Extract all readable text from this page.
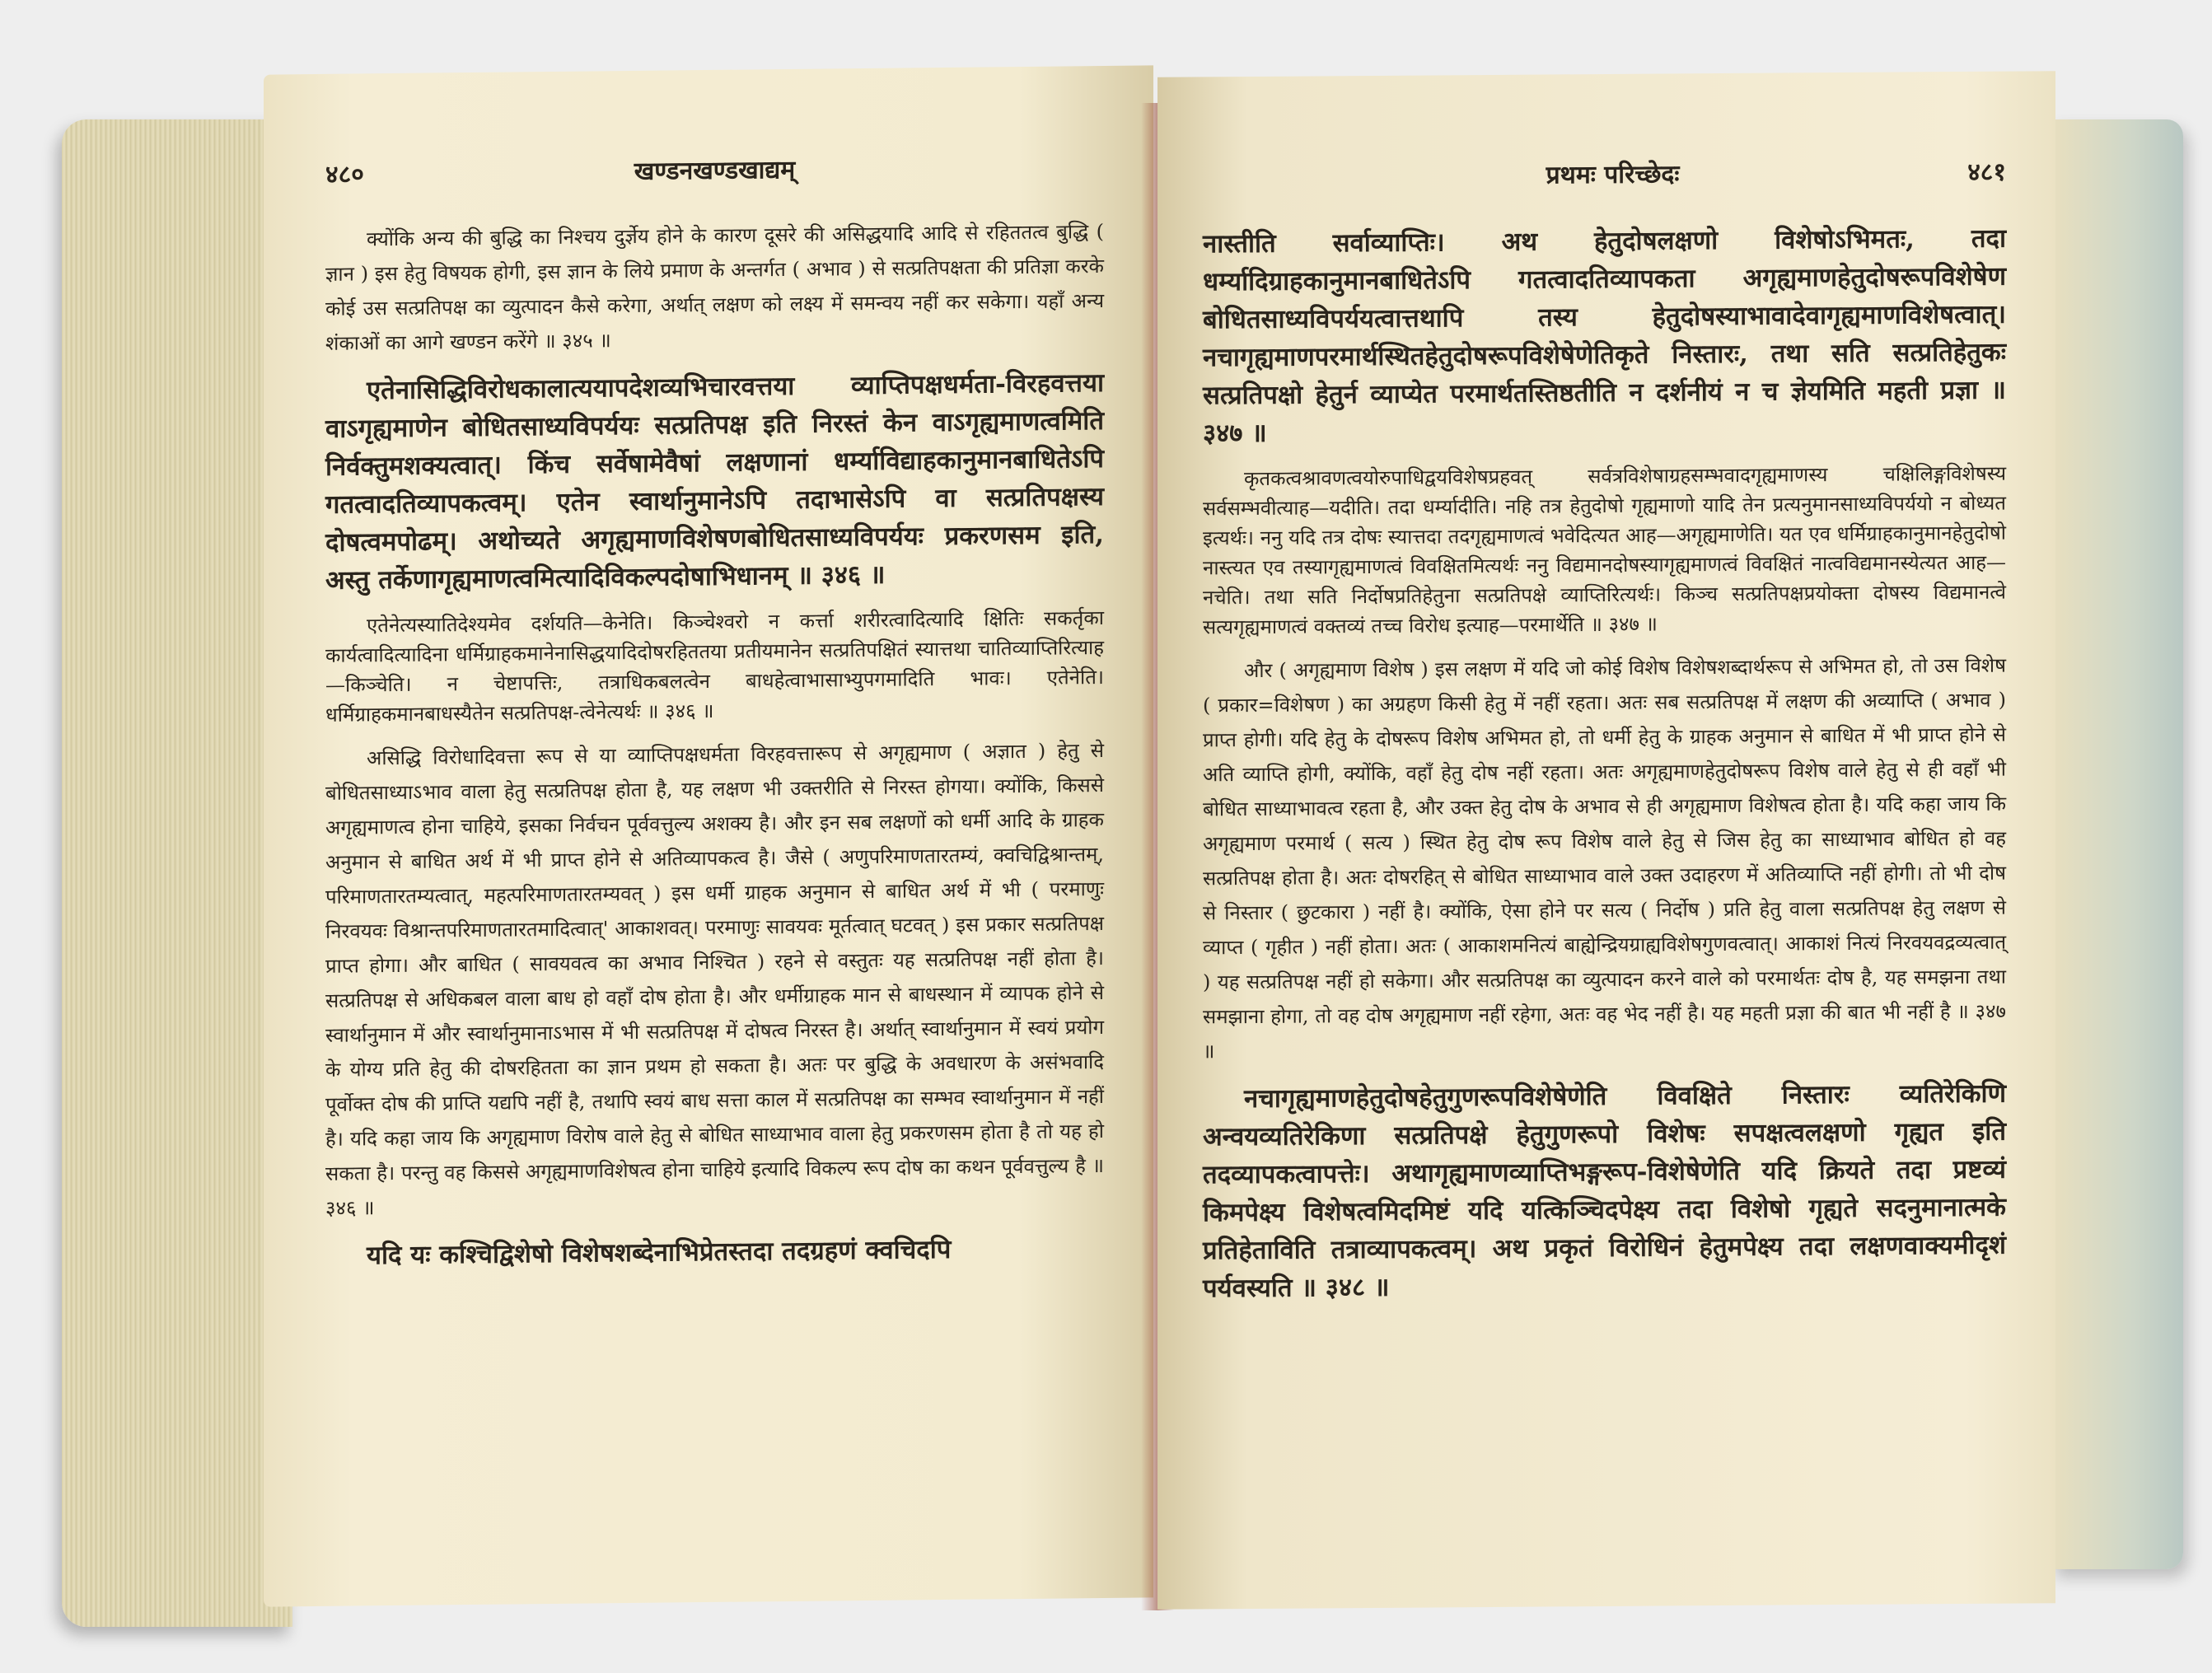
४८०	खण्डनखण्डखाद्यम्

क्योंकि अन्य की बुद्धि का निश्चय दुर्ज्ञेय होने के कारण दूसरे की असिद्धयादि आदि से रहिततत्व बुद्धि ( ज्ञान ) इस हेतु विषयक होगी, इस ज्ञान के लिये प्रमाण के अन्तर्गत ( अभाव ) से सत्प्रतिपक्षता की प्रतिज्ञा करके कोई उस सत्प्रतिपक्ष का व्युत्पादन कैसे करेगा, अर्थात् लक्षण को लक्ष्य में समन्वय नहीं कर सकेगा। यहाँ अन्य शंकाओं का आगे खण्डन करेंगे ॥ ३४५ ॥

एतेनासिद्धिविरोधकालात्ययापदेशव्यभिचारवत्तया व्याप्तिपक्षधर्मता-विरहवत्तया वाऽगृह्यमाणेन बोधितसाध्यविपर्ययः सत्प्रतिपक्ष इति निरस्तं केन वाऽगृह्यमाणत्वमिति निर्वक्तुमशक्यत्वात्। किंच सर्वेषामेवैषां लक्षणानां धर्म्याविद्याहकानुमानबाधितेऽपि गतत्वादतिव्यापकत्वम्। एतेन स्वार्थानुमानेऽपि तदाभासेऽपि वा सत्प्रतिपक्षस्य दोषत्वमपोढम्। अथोच्यते अगृह्यमाणविशेषणबोधितसाध्यविपर्ययः प्रकरणसम इति, अस्तु तर्केणागृह्यमाणत्वमित्यादिविकल्पदोषाभिधानम् ॥ ३४६ ॥

एतेनेत्यस्यातिदेश्यमेव दर्शयति—केनेति। किञ्चेश्वरो न कर्त्ता शरीरत्वादित्यादि क्षितिः सकर्तृका कार्यत्वादित्यादिना धर्मिग्राहकमानेनासिद्धयादिदोषरहिततया प्रतीयमानेन सत्प्रतिपक्षितं स्यात्तथा चातिव्याप्तिरित्याह—किञ्चेति। न चेष्टापत्तिः, तत्राधिकबलत्वेन बाधहेत्वाभासाभ्युपगमादिति भावः। एतेनेति। धर्मिग्राहकमानबाधस्यैतेन सत्प्रतिपक्ष-त्वेनेत्यर्थः ॥ ३४६ ॥

असिद्धि विरोधादिवत्ता रूप से या व्याप्तिपक्षधर्मता विरहवत्तारूप से अगृह्यमाण ( अज्ञात ) हेतु से बोधितसाध्याऽभाव वाला हेतु सत्प्रतिपक्ष होता है, यह लक्षण भी उक्तरीति से निरस्त होगया। क्योंकि, किससे अगृह्यमाणत्व होना चाहिये, इसका निर्वचन पूर्ववत्तुल्य अशक्य है। और इन सब लक्षणों को धर्मी आदि के ग्राहक अनुमान से बाधित अर्थ में भी प्राप्त होने से अतिव्यापकत्व है। जैसे ( अणुपरिमाणतारतम्यं, क्वचिद्विश्रान्तम्, परिमाणतारतम्यत्वात्, महत्परिमाणतारतम्यवत् ) इस धर्मी ग्राहक अनुमान से बाधित अर्थ में भी ( परमाणुः निरवयवः विश्रान्तपरिमाणतारतमादित्वात्' आकाशवत्। परमाणुः सावयवः मूर्तत्वात् घटवत् ) इस प्रकार सत्प्रतिपक्ष प्राप्त होगा। और बाधित ( सावयवत्व का अभाव निश्चित ) रहने से वस्तुतः यह सत्प्रतिपक्ष नहीं होता है। सत्प्रतिपक्ष से अधिकबल वाला बाध हो वहाँ दोष होता है। और धर्मीग्राहक मान से बाधस्थान में व्यापक होने से स्वार्थानुमान में और स्वार्थानुमानाऽभास में भी सत्प्रतिपक्ष में दोषत्व निरस्त है। अर्थात् स्वार्थानुमान में स्वयं प्रयोग के योग्य प्रति हेतु की दोषरहितता का ज्ञान प्रथम हो सकता है। अतः पर बुद्धि के अवधारण के असंभवादि पूर्वोक्त दोष की प्राप्ति यद्यपि नहीं है, तथापि स्वयं बाध सत्ता काल में सत्प्रतिपक्ष का सम्भव स्वार्थानुमान में नहीं है। यदि कहा जाय कि अगृह्यमाण विरोष वाले हेतु से बोधित साध्याभाव वाला हेतु प्रकरणसम होता है तो यह हो सकता है। परन्तु वह किससे अगृह्यमाणविशेषत्व होना चाहिये इत्यादि विकल्प रूप दोष का कथन पूर्ववत्तुल्य है ॥ ३४६ ॥

यदि यः कश्चिद्विशेषो विशेषशब्देनाभिप्रेतस्तदा तदग्रहणं क्वचिदपि

प्रथमः परिच्छेदः	४८१

नास्तीति सर्वाव्याप्तिः। अथ हेतुदोषलक्षणो विशेषोऽभिमतः, तदा धर्म्यादिग्राहकानुमानबाधितेऽपि गतत्वादतिव्यापकता अगृह्यमाणहेतुदोषरूपविशेषेण बोधितसाध्यविपर्ययत्वात्तथापि तस्य हेतुदोषस्याभावादेवागृह्यमाणविशेषत्वात्। नचागृह्यमाणपरमार्थस्थितहेतुदोषरूपविशेषेणेतिकृते निस्तारः, तथा सति सत्प्रतिहेतुकः सत्प्रतिपक्षो हेतुर्न व्याप्येत परमार्थतस्तिष्ठतीति न दर्शनीयं न च ज्ञेयमिति महती प्रज्ञा ॥ ३४७ ॥

कृतकत्वश्रावणत्वयोरुपाधिद्वयविशेषप्रहवत् सर्वत्रविशेषाग्रहसम्भवादगृह्यमाणस्य चक्षिलिङ्गविशेषस्य सर्वसम्भवीत्याह—यदीति। तदा धर्म्यादीति। नहि तत्र हेतुदोषो गृह्यमाणो यादि तेन प्रत्यनुमानसाध्यविपर्ययो न बोध्यत इत्यर्थः। ननु यदि तत्र दोषः स्यात्तदा तदगृह्यमाणत्वं भवेदित्यत आह—अगृह्यमाणेति। यत एव धर्मिग्राहकानुमानहेतुदोषो नास्त्यत एव तस्यागृह्यमाणत्वं विवक्षितमित्यर्थः ननु विद्यमानदोषस्यागृह्यमाणत्वं विवक्षितं नात्वविद्यमानस्येत्यत आह—नचेति। तथा सति निर्दोषप्रतिहेतुना सत्प्रतिपक्षे व्याप्तिरित्यर्थः। किञ्च सत्प्रतिपक्षप्रयोक्ता दोषस्य विद्यमानत्वे सत्यगृह्यमाणत्वं वक्तव्यं तच्च विरोध इत्याह—परमार्थेति ॥ ३४७ ॥

और ( अगृह्यमाण विशेष ) इस लक्षण में यदि जो कोई विशेष विशेषशब्दार्थरूप से अभिमत हो, तो उस विशेष ( प्रकार=विशेषण ) का अग्रहण किसी हेतु में नहीं रहता। अतः सब सत्प्रतिपक्ष में लक्षण की अव्याप्ति ( अभाव ) प्राप्त होगी। यदि हेतु के दोषरूप विशेष अभिमत हो, तो धर्मी हेतु के ग्राहक अनुमान से बाधित में भी प्राप्त होने से अति व्याप्ति होगी, क्योंकि, वहाँ हेतु दोष नहीं रहता। अतः अगृह्यमाणहेतुदोषरूप विशेष वाले हेतु से ही वहाँ भी बोधित साध्याभावत्व रहता है, और उक्त हेतु दोष के अभाव से ही अगृह्यमाण विशेषत्व होता है। यदि कहा जाय कि अगृह्यमाण परमार्थ ( सत्य ) स्थित हेतु दोष रूप विशेष वाले हेतु से जिस हेतु का साध्याभाव बोधित हो वह सत्प्रतिपक्ष होता है। अतः दोषरहित् से बोधित साध्याभाव वाले उक्त उदाहरण में अतिव्याप्ति नहीं होगी। तो भी दोष से निस्तार ( छुटकारा ) नहीं है। क्योंकि, ऐसा होने पर सत्य ( निर्दोष ) प्रति हेतु वाला सत्प्रतिपक्ष हेतु लक्षण से व्याप्त ( गृहीत ) नहीं होता। अतः ( आकाशमनित्यं बाह्येन्द्रियग्राह्यविशेषगुणवत्वात्। आकाशं नित्यं निरवयवद्रव्यत्वात् ) यह सत्प्रतिपक्ष नहीं हो सकेगा। और सत्प्रतिपक्ष का व्युत्पादन करने वाले को परमार्थतः दोष है, यह समझना तथा समझाना होगा, तो वह दोष अगृह्यमाण नहीं रहेगा, अतः वह भेद नहीं है। यह महती प्रज्ञा की बात भी नहीं है ॥ ३४७ ॥

नचागृह्यमाणहेतुदोषहेतुगुणरूपविशेषेणेति विवक्षिते निस्तारः व्यतिरेकिणि अन्वयव्यतिरेकिणा सत्प्रतिपक्षे हेतुगुणरूपो विशेषः सपक्षत्वलक्षणो गृह्यत इति तदव्यापकत्वापत्तेः। अथागृह्यमाणव्याप्तिभङ्गरूप-विशेषेणेति यदि क्रियते तदा प्रष्टव्यं किमपेक्ष्य विशेषत्वमिदमिष्टं यदि यत्किञ्चिदपेक्ष्य तदा विशेषो गृह्यते सदनुमानात्मके प्रतिहेताविति तत्राव्यापकत्वम्। अथ प्रकृतं विरोधिनं हेतुमपेक्ष्य तदा लक्षणवाक्यमीदृशं पर्यवस्यति ॥ ३४८ ॥
